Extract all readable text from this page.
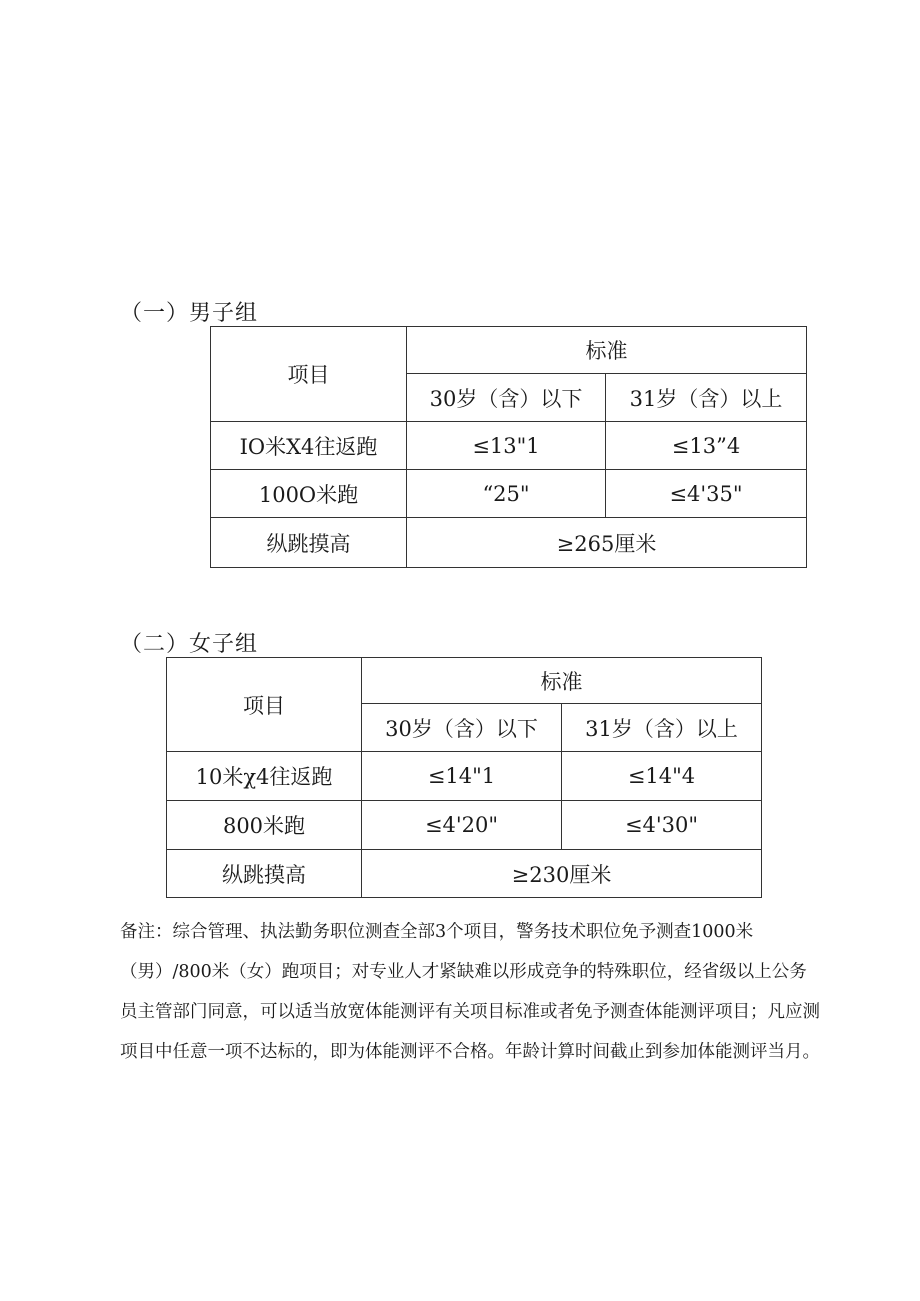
（一）男子组
项目	标准	
	30岁（含）以下	31岁（含）以上
IO米X4往返跑	≤13"1	≤13”4
100O米跑	“25"	≤4'35"
纵跳摸高	≥265厘米	
（二）女子组
项目	标准	
	30岁（含）以下	31岁（含）以上
10米χ4往返跑	≤14"1	≤14"4
800米跑	≤4'20"	≤4'30"
纵跳摸高	≥230厘米	
备注：综合管理、执法勤务职位测查全部3个项目，警务技术职位免予测查1000米（男）/800米（女）跑项目；对专业人才紧缺难以形成竞争的特殊职位，经省级以上公务员主管部门同意，可以适当放宽体能测评有关项目标准或者免予测查体能测评项目；凡应测项目中任意一项不达标的，即为体能测评不合格。年龄计算时间截止到参加体能测评当月。
